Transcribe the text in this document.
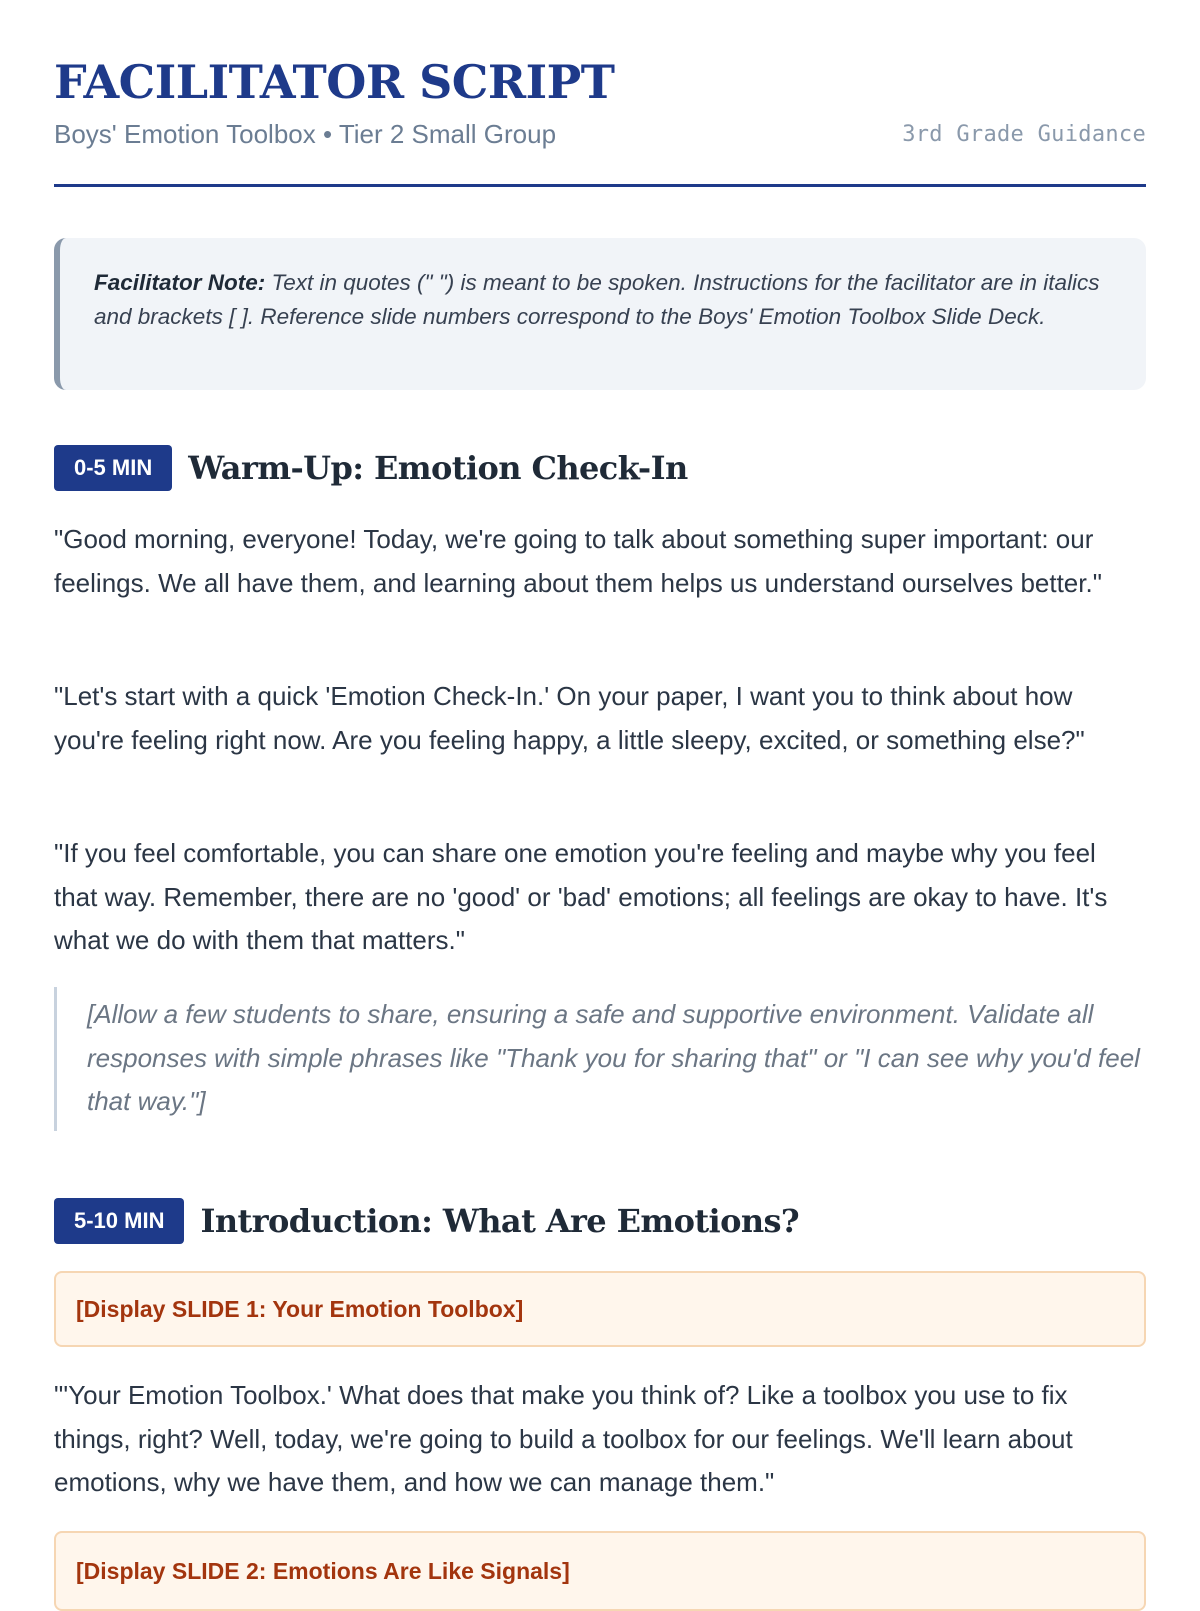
FACILITATOR SCRIPT
Boys' Emotion Toolbox • Tier 2 Small Group	3rd Grade Guidance
Facilitator Note: Text in quotes (" ") is meant to be spoken. Instructions for the facilitator are in italics and brackets [ ]. Reference slide numbers correspond to the Boys' Emotion Toolbox Slide Deck.
0-5 MIN	Warm-Up: Emotion Check-In

"Good morning, everyone! Today, we're going to talk about something super important: our feelings. We all have them, and learning about them helps us understand ourselves better."

"Let's start with a quick 'Emotion Check-In.' On your paper, I want you to think about how you're feeling right now. Are you feeling happy, a little sleepy, excited, or something else?"

"If you feel comfortable, you can share one emotion you're feeling and maybe why you feel that way. Remember, there are no 'good' or 'bad' emotions; all feelings are okay to have. It's what we do with them that matters."

[Allow a few students to share, ensuring a safe and supportive environment. Validate all responses with simple phrases like "Thank you for sharing that" or "I can see why you'd feel that way."]
5-10 MIN	Introduction: What Are Emotions?
[Display SLIDE 1: Your Emotion Toolbox]

"'Your Emotion Toolbox.' What does that make you think of? Like a toolbox you use to fix things, right? Well, today, we're going to build a toolbox for our feelings. We'll learn about emotions, why we have them, and how we can manage them."

[Display SLIDE 2: Emotions Are Like Signals]
